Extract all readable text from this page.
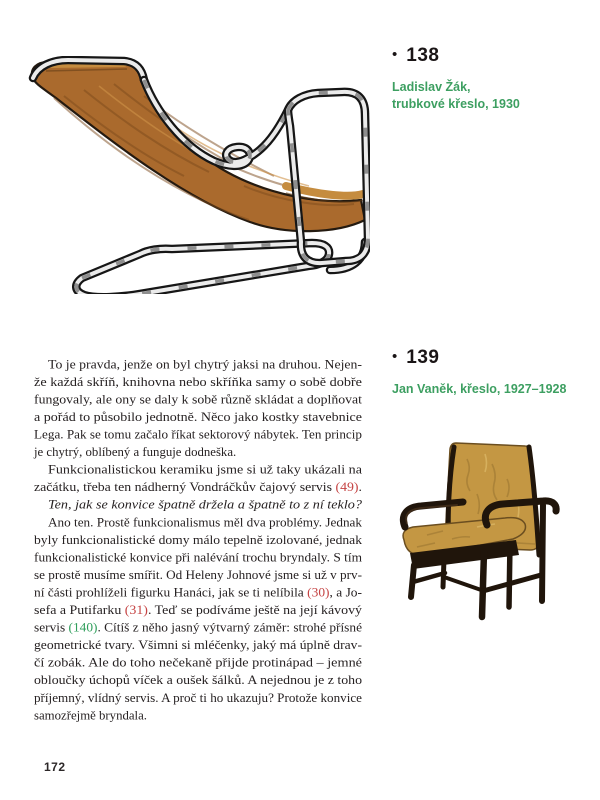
• 138
Ladislav Žák,
trubkové křeslo, 1930
• 139
Jan Vaněk, křeslo, 1927–1928
To je pravda, jenže on byl chytrý jaksi na druhou. Nejen-
že každá skříň, knihovna nebo skříňka samy o sobě dobře
fungovaly, ale ony se daly k sobě různě skládat a doplňovat
a pořád to působilo jednotně. Něco jako kostky stavebnice
Lega. Pak se tomu začalo říkat sektorový nábytek. Ten princip
je chytrý, oblíbený a funguje dodneška.
Funkcionalistickou keramiku jsme si už taky ukázali na
začátku, třeba ten nádherný Vondráčkův čajový servis (49) .
Ten, jak se konvice špatně držela a špatně to z ní teklo?
Ano ten. Prostě funkcionalismus měl dva problémy. Jednak
byly funkcionalistické domy málo tepelně izolované, jednak
funkcionalistické konvice při nalévání trochu bryndaly. S tím
se prostě musíme smířit. Od Heleny Johnové jsme si už v prv-
ní části prohlíželi figurku Hanáci, jak se ti nelíbila (30), a Jo-
sefa a Putifarku (31) . Teď se podíváme ještě na její kávový
servis (140). Cítíš z něho jasný výtvarný záměr: strohé přísné
geometrické tvary. Všimni si mléčenky, jaký má úplně drav-
čí zobák. Ale do toho nečekaně přijde protinápad – jemné
obloučky úchopů víček a oušek šálků. A nejednou je z toho
příjemný, vlídný servis. A proč ti ho ukazuju? Protože konvice
samozřejmě bryndala.
172
